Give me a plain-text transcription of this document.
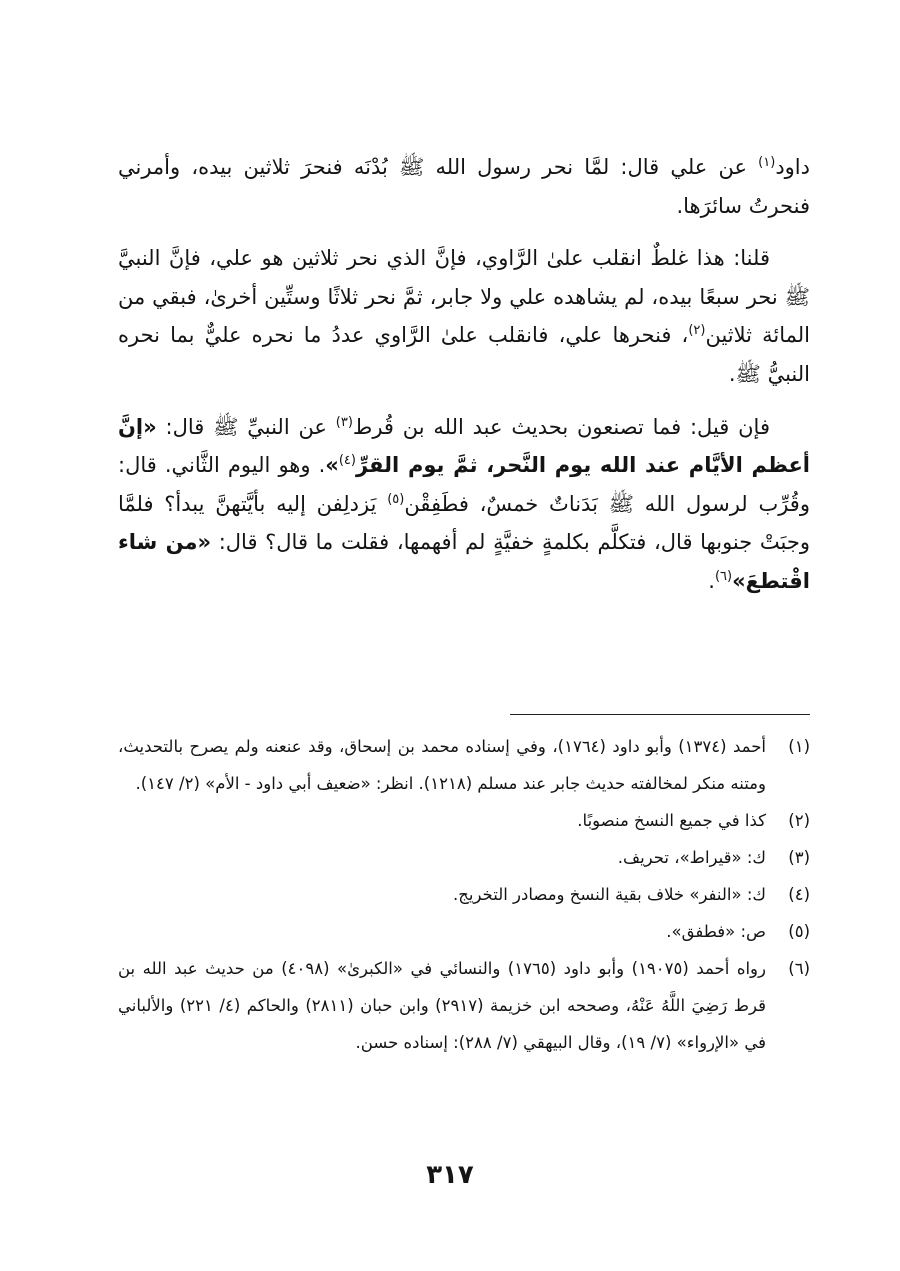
داود$^{(١)}$ عن علي قال: لمَّا نحر رسول الله ﷺ بُدْنَه فنحرَ ثلاثين بيده، وأمرني فنحرتُ سائرَها.

قلنا: هذا غلطٌ انقلب علىٰ الرَّاوي، فإنَّ الذي نحر ثلاثين هو علي، فإنَّ النبيَّ ﷺ نحر سبعًا بيده، لم يشاهده علي ولا جابر، ثمَّ نحر ثلاثًا وستِّين أخرىٰ، فبقي من المائة ثلاثين$^{(٢)}$، فنحرها علي، فانقلب علىٰ الرَّاوي عددُ ما نحره عليٌّ بما نحره النبيُّ ﷺ.

فإن قيل: فما تصنعون بحديث عبد الله بن قُرط$^{(٣)}$ عن النبيِّ ﷺ قال: «إنَّ أعظم الأيَّام عند الله يوم النَّحر، ثمَّ يوم القرِّ$^{(٤)}$». وهو اليوم الثَّاني. قال: وقُرِّب لرسول الله ﷺ بَدَناتٌ خمسٌ، فطَفِقْن$^{(٥)}$ يَزدلِفن إليه بأيَّتهنَّ يبدأ؟ فلمَّا وجبَتْ جنوبها قال، فتكلَّم بكلمةٍ خفيَّةٍ لم أفهمها، فقلت ما قال؟ قال: «من شاء اقْتطعَ»$^{(٦)}$.

(١)
أحمد (١٣٧٤) وأبو داود (١٧٦٤)، وفي إسناده محمد بن إسحاق، وقد عنعنه ولم يصرح بالتحديث، ومتنه منكر لمخالفته حديث جابر عند مسلم (١٢١٨). انظر: «ضعيف أبي داود - الأم» (٢/ ١٤٧).

(٢)
كذا في جميع النسخ منصوبًا.

(٣)
ك: «قيراط»، تحريف.

(٤)
ك: «النفر» خلاف بقية النسخ ومصادر التخريج.

(٥)
ص: «فطفق».

(٦)
رواه أحمد (١٩٠٧٥) وأبو داود (١٧٦٥) والنسائي في «الكبرىٰ» (٤٠٩٨) من حديث عبد الله بن قرط رَضِيَ اللَّهُ عَنْهُ، وصححه ابن خزيمة (٢٩١٧) وابن حبان (٢٨١١) والحاكم (٤/ ٢٢١) والألباني في «الإرواء» (٧/ ١٩)، وقال البيهقي (٧/ ٢٨٨): إسناده حسن.

٣١٧
